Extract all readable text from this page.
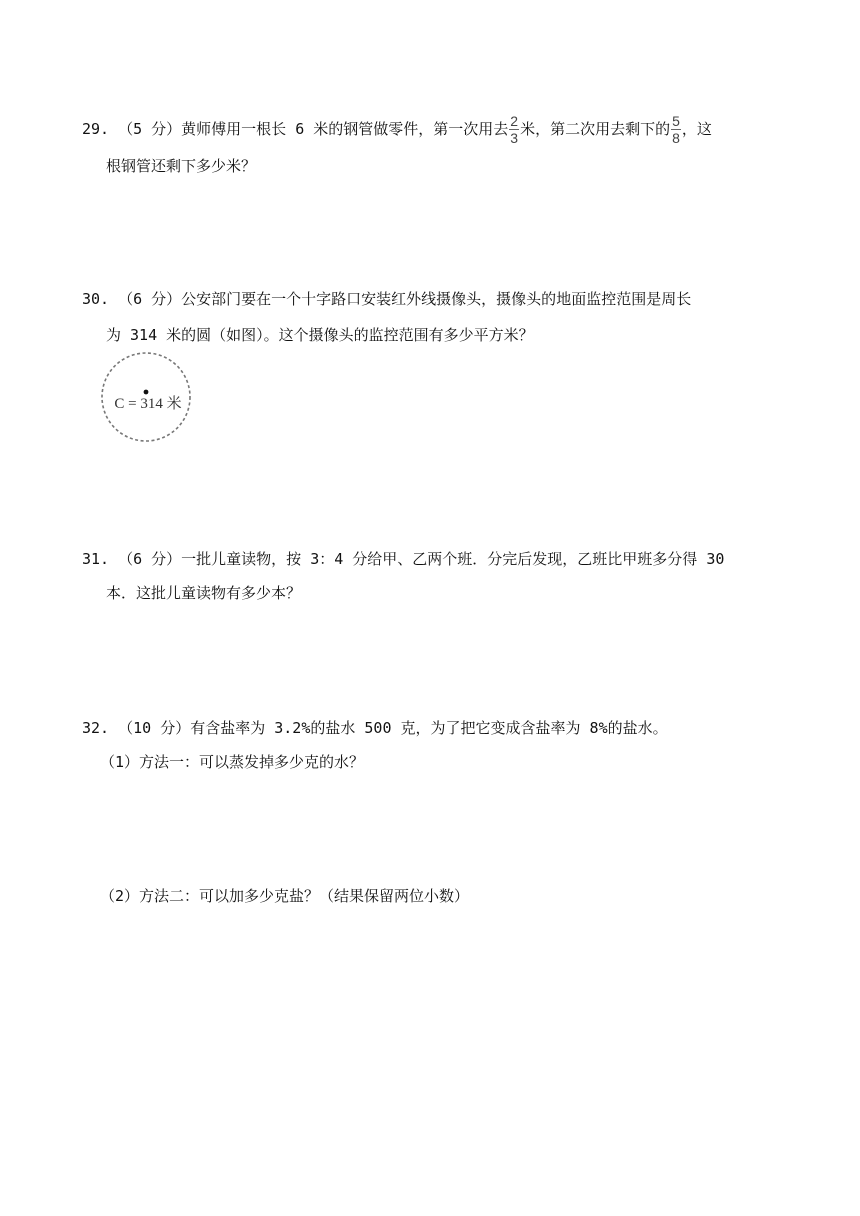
29. （5 分）黄师傅用一根长 6 米的钢管做零件，第一次用去 $\frac{2}{3}$ 米，第二次用去剩下的 $\frac{5}{8}$ ，这
根钢管还剩下多少米？
30. （6 分）公安部门要在一个十字路口安装红外线摄像头，摄像头的地面监控范围是周长
为 314 米的圆（如图）。这个摄像头的监控范围有多少平方米？
C = 314 米
31. （6 分）一批儿童读物，按 3：4 分给甲、乙两个班．分完后发现，乙班比甲班多分得 30
本．这批儿童读物有多少本？
32. （10 分）有含盐率为 3.2%的盐水 500 克，为了把它变成含盐率为 8%的盐水。
（1）方法一：可以蒸发掉多少克的水？
（2）方法二：可以加多少克盐？（结果保留两位小数）
